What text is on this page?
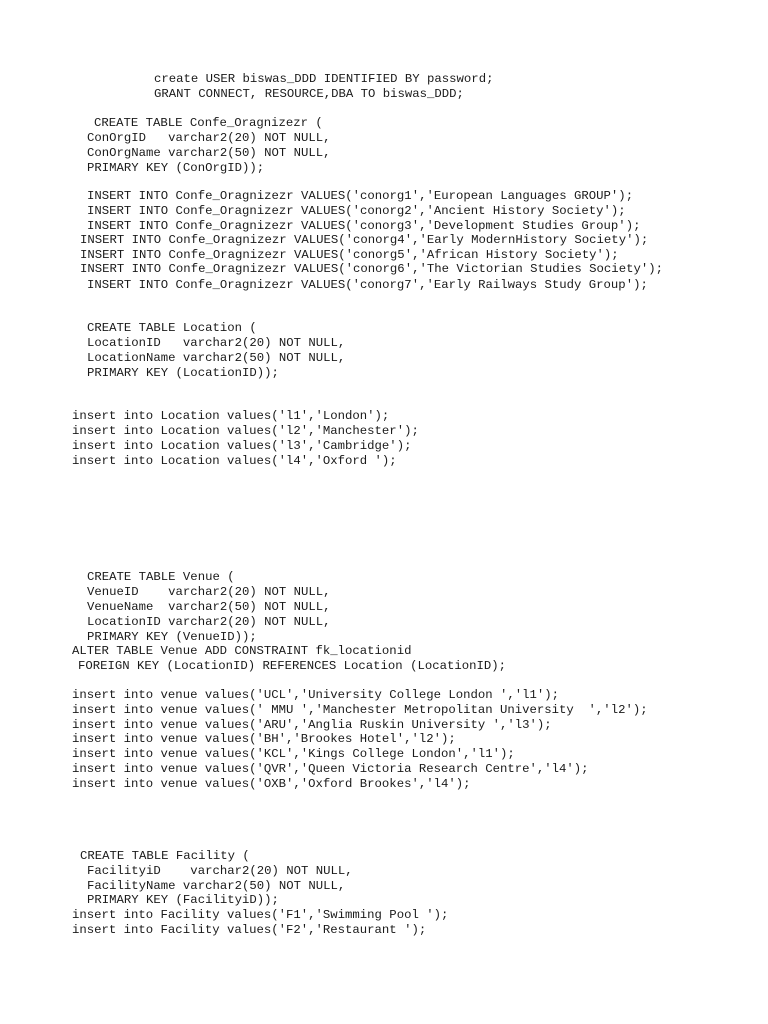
create USER biswas_DDD IDENTIFIED BY password;
GRANT CONNECT, RESOURCE,DBA TO biswas_DDD;
CREATE TABLE Confe_Oragnizezr (
ConOrgID   varchar2(20) NOT NULL,
ConOrgName varchar2(50) NOT NULL,
PRIMARY KEY (ConOrgID));
INSERT INTO Confe_Oragnizezr VALUES('conorg1','European Languages GROUP');
INSERT INTO Confe_Oragnizezr VALUES('conorg2','Ancient History Society');
INSERT INTO Confe_Oragnizezr VALUES('conorg3','Development Studies Group');
INSERT INTO Confe_Oragnizezr VALUES('conorg4','Early ModernHistory Society');
INSERT INTO Confe_Oragnizezr VALUES('conorg5','African History Society');
INSERT INTO Confe_Oragnizezr VALUES('conorg6','The Victorian Studies Society');
INSERT INTO Confe_Oragnizezr VALUES('conorg7','Early Railways Study Group');
CREATE TABLE Location (
LocationID   varchar2(20) NOT NULL,
LocationName varchar2(50) NOT NULL,
PRIMARY KEY (LocationID));
insert into Location values('l1','London');
insert into Location values('l2','Manchester');
insert into Location values('l3','Cambridge');
insert into Location values('l4','Oxford ');
CREATE TABLE Venue (
VenueID    varchar2(20) NOT NULL,
VenueName  varchar2(50) NOT NULL,
LocationID varchar2(20) NOT NULL,
PRIMARY KEY (VenueID));
ALTER TABLE Venue ADD CONSTRAINT fk_locationid
FOREIGN KEY (LocationID) REFERENCES Location (LocationID);
insert into venue values('UCL','University College London ','l1');
insert into venue values(' MMU ','Manchester Metropolitan University  ','l2');
insert into venue values('ARU','Anglia Ruskin University ','l3');
insert into venue values('BH','Brookes Hotel','l2');
insert into venue values('KCL','Kings College London','l1');
insert into venue values('QVR','Queen Victoria Research Centre','l4');
insert into venue values('OXB','Oxford Brookes','l4');
CREATE TABLE Facility (
FacilityiD    varchar2(20) NOT NULL,
FacilityName varchar2(50) NOT NULL,
PRIMARY KEY (FacilityiD));
insert into Facility values('F1','Swimming Pool ');
insert into Facility values('F2','Restaurant ');
